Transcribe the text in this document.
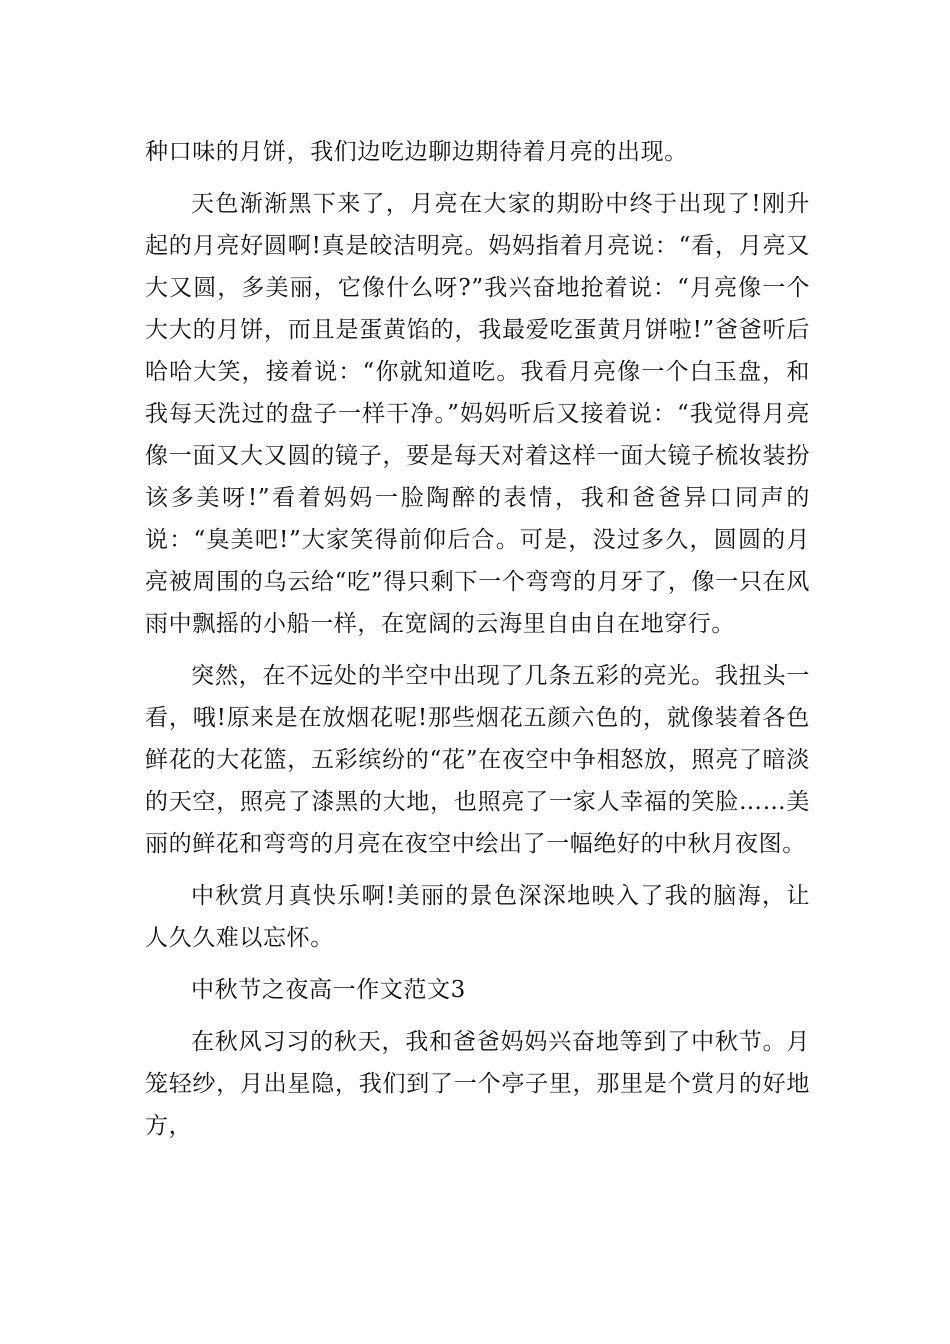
种口味的月饼，我们边吃边聊边期待着月亮的出现。

天色渐渐黑下来了，月亮在大家的期盼中终于出现了!刚升起的月亮好圆啊!真是皎洁明亮。妈妈指着月亮说：“看，月亮又大又圆，多美丽，它像什么呀?”我兴奋地抢着说：“月亮像一个大大的月饼，而且是蛋黄馅的，我最爱吃蛋黄月饼啦!”爸爸听后哈哈大笑，接着说：“你就知道吃。我看月亮像一个白玉盘，和我每天洗过的盘子一样干净。”妈妈听后又接着说：“我觉得月亮像一面又大又圆的镜子，要是每天对着这样一面大镜子梳妆装扮该多美呀!”看着妈妈一脸陶醉的表情，我和爸爸异口同声的说：“臭美吧!”大家笑得前仰后合。可是，没过多久，圆圆的月亮被周围的乌云给“吃”得只剩下一个弯弯的月牙了，像一只在风雨中飘摇的小船一样，在宽阔的云海里自由自在地穿行。

突然，在不远处的半空中出现了几条五彩的亮光。我扭头一看，哦!原来是在放烟花呢!那些烟花五颜六色的，就像装着各色鲜花的大花篮，五彩缤纷的“花”在夜空中争相怒放，照亮了暗淡的天空，照亮了漆黑的大地，也照亮了一家人幸福的笑脸……美丽的鲜花和弯弯的月亮在夜空中绘出了一幅绝好的中秋月夜图。

中秋赏月真快乐啊!美丽的景色深深地映入了我的脑海，让人久久难以忘怀。

中秋节之夜高一作文范文3

在秋风习习的秋天，我和爸爸妈妈兴奋地等到了中秋节。月笼轻纱，月出星隐，我们到了一个亭子里，那里是个赏月的好地方，
